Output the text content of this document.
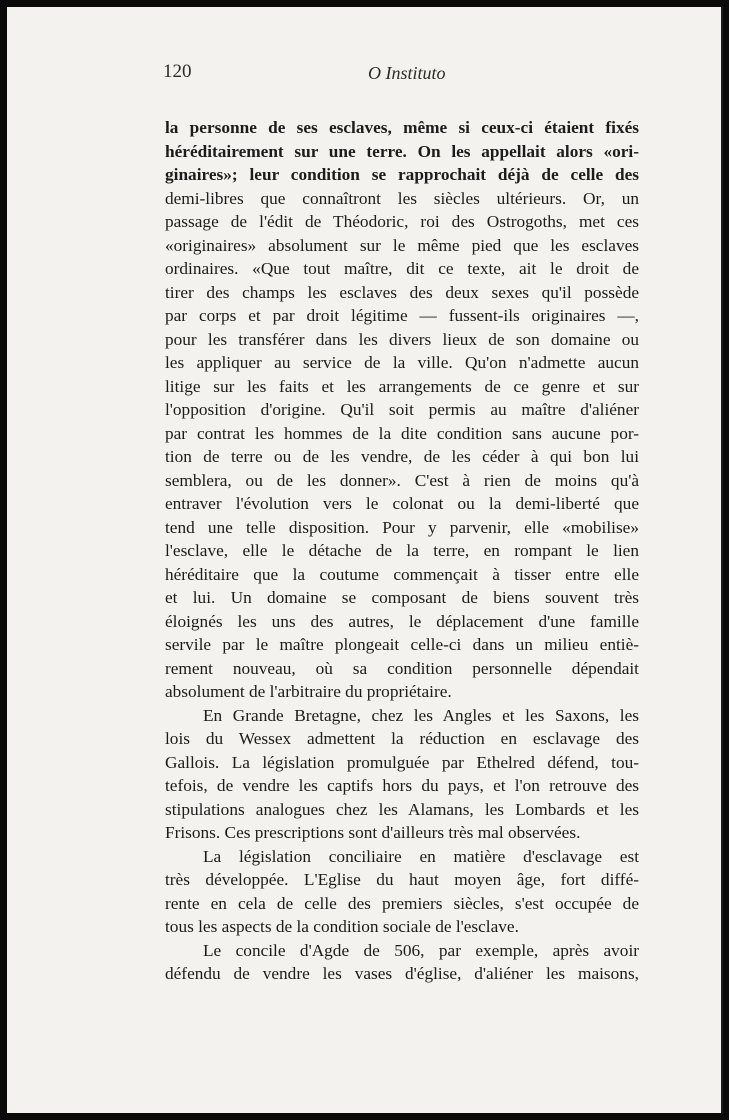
120	O Instituto
la personne de ses esclaves, même si ceux-ci étaient fixés
héréditairement sur une terre. On les appellait alors «ori-
ginaires»; leur condition se rapprochait déjà de celle des
demi-libres que connaîtront les siècles ultérieurs. Or, un
passage de l'édit de Théodoric, roi des Ostrogoths, met ces
«originaires» absolument sur le même pied que les esclaves
ordinaires. «Que tout maître, dit ce texte, ait le droit de
tirer des champs les esclaves des deux sexes qu'il possède
par corps et par droit légitime — fussent-ils originaires —,
pour les transférer dans les divers lieux de son domaine ou
les appliquer au service de la ville. Qu'on n'admette aucun
litige sur les faits et les arrangements de ce genre et sur
l'opposition d'origine. Qu'il soit permis au maître d'aliéner
par contrat les hommes de la dite condition sans aucune por-
tion de terre ou de les vendre, de les céder à qui bon lui
semblera, ou de les donner». C'est à rien de moins qu'à
entraver l'évolution vers le colonat ou la demi-liberté que
tend une telle disposition. Pour y parvenir, elle «mobilise»
l'esclave, elle le détache de la terre, en rompant le lien
héréditaire que la coutume commençait à tisser entre elle
et lui. Un domaine se composant de biens souvent très
éloignés les uns des autres, le déplacement d'une famille
servile par le maître plongeait celle-ci dans un milieu entiè-
rement nouveau, où sa condition personnelle dépendait
absolument de l'arbitraire du propriétaire.
En Grande Bretagne, chez les Angles et les Saxons, les
lois du Wessex admettent la réduction en esclavage des
Gallois. La législation promulguée par Ethelred défend, tou-
tefois, de vendre les captifs hors du pays, et l'on retrouve des
stipulations analogues chez les Alamans, les Lombards et les
Frisons. Ces prescriptions sont d'ailleurs très mal observées.
La législation conciliaire en matière d'esclavage est
très développée. L'Eglise du haut moyen âge, fort diffé-
rente en cela de celle des premiers siècles, s'est occupée de
tous les aspects de la condition sociale de l'esclave.
Le concile d'Agde de 506, par exemple, après avoir
défendu de vendre les vases d'église, d'aliéner les maisons,
